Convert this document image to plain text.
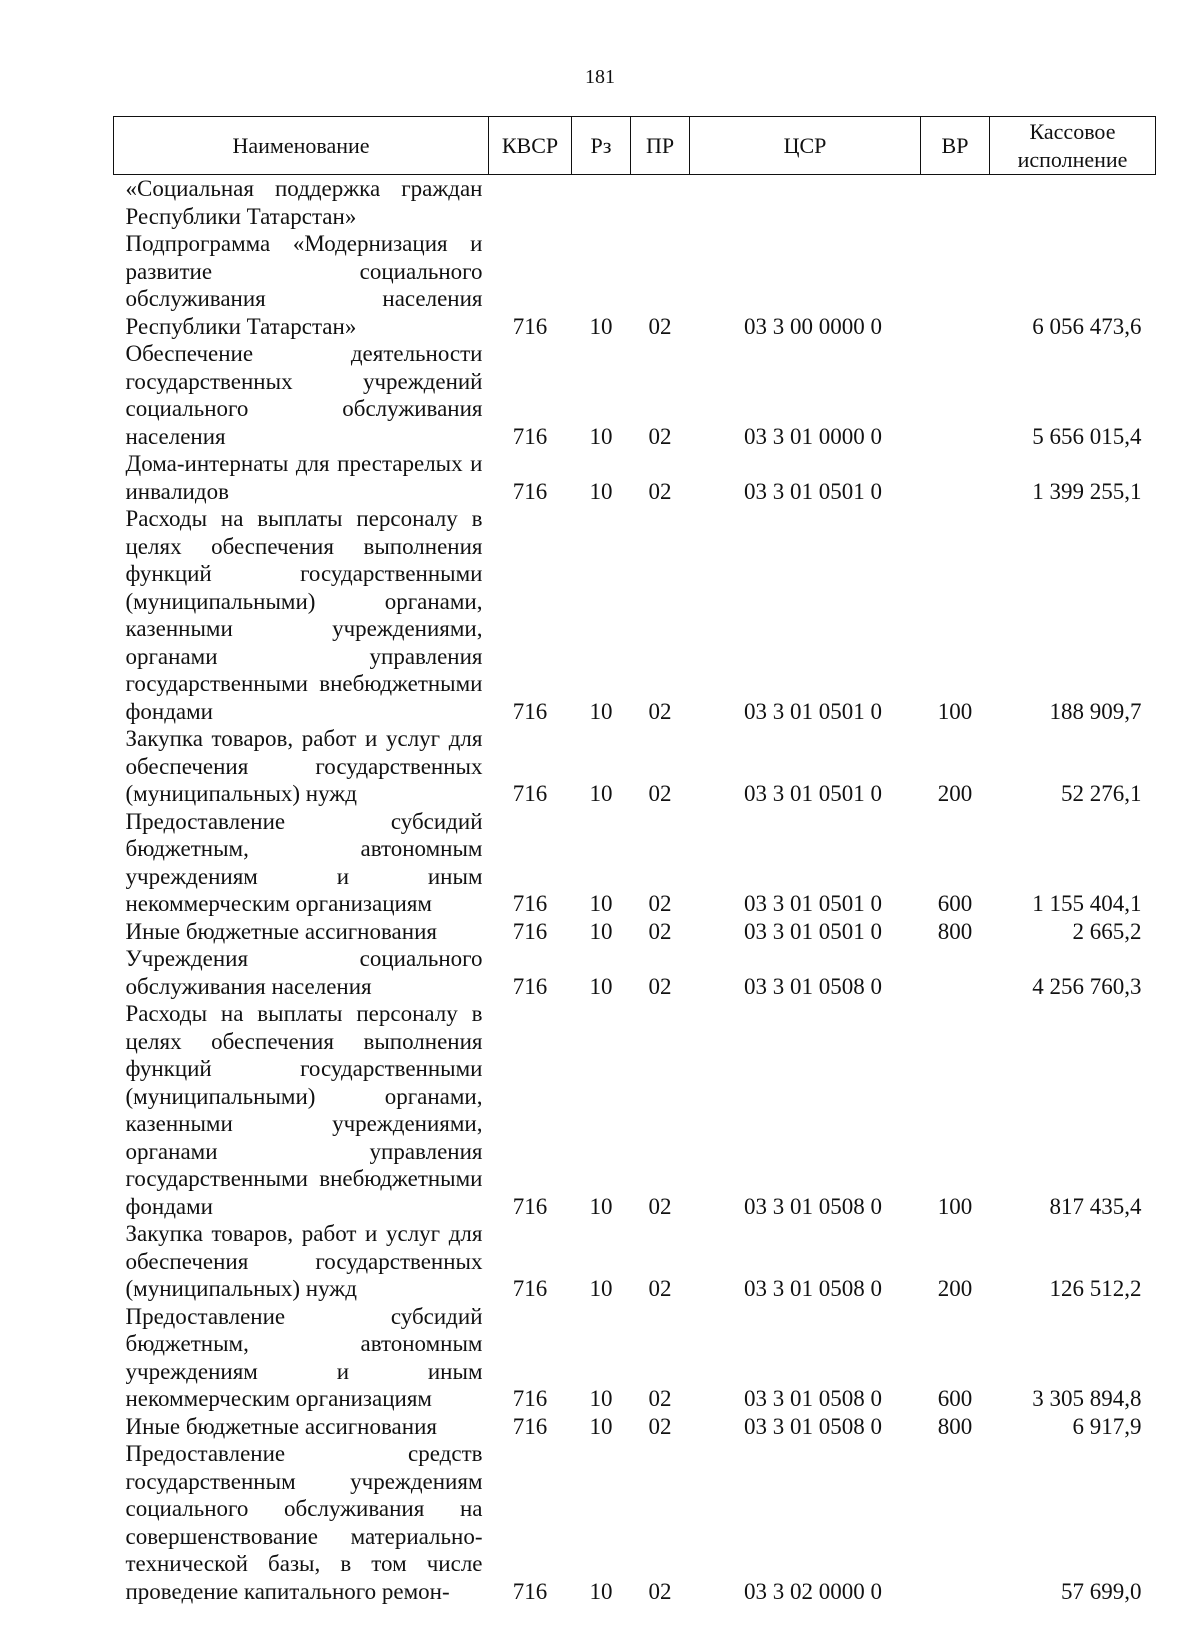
181
Наименование	КВСР	Рз	ПР	ЦСР	ВР	Кассовое исполнение
«Социальная поддержка граждан Республики Татарстан»						
Подпрограмма «Модернизация и развитие социального обслуживания населения Республики Татарстан»	716	10	02	03 3 00 0000 0		6 056 473,6
Обеспечение деятельности государственных учреждений социального обслуживания населения	716	10	02	03 3 01 0000 0		5 656 015,4
Дома-интернаты для престарелых и инвалидов	716	10	02	03 3 01 0501 0		1 399 255,1
Расходы на выплаты персоналу в целях обеспечения выполнения функций государственными (муниципальными) органами, казенными учреждениями, органами управления государственными внебюджетными фондами	716	10	02	03 3 01 0501 0	100	188 909,7
Закупка товаров, работ и услуг для обеспечения государственных (муниципальных) нужд	716	10	02	03 3 01 0501 0	200	52 276,1
Предоставление субсидий бюджетным, автономным учреждениям и иным некоммерческим организациям	716	10	02	03 3 01 0501 0	600	1 155 404,1
Иные бюджетные ассигнования	716	10	02	03 3 01 0501 0	800	2 665,2
Учреждения социального обслуживания населения	716	10	02	03 3 01 0508 0		4 256 760,3
Расходы на выплаты персоналу в целях обеспечения выполнения функций государственными (муниципальными) органами, казенными учреждениями, органами управления государственными внебюджетными фондами	716	10	02	03 3 01 0508 0	100	817 435,4
Закупка товаров, работ и услуг для обеспечения государственных (муниципальных) нужд	716	10	02	03 3 01 0508 0	200	126 512,2
Предоставление субсидий бюджетным, автономным учреждениям и иным некоммерческим организациям	716	10	02	03 3 01 0508 0	600	3 305 894,8
Иные бюджетные ассигнования	716	10	02	03 3 01 0508 0	800	6 917,9
Предоставление средств государственным учреждениям социального обслуживания на совершенствование материально-технической базы, в том числе проведение капитального ремон-	716	10	02	03 3 02 0000 0		57 699,0
